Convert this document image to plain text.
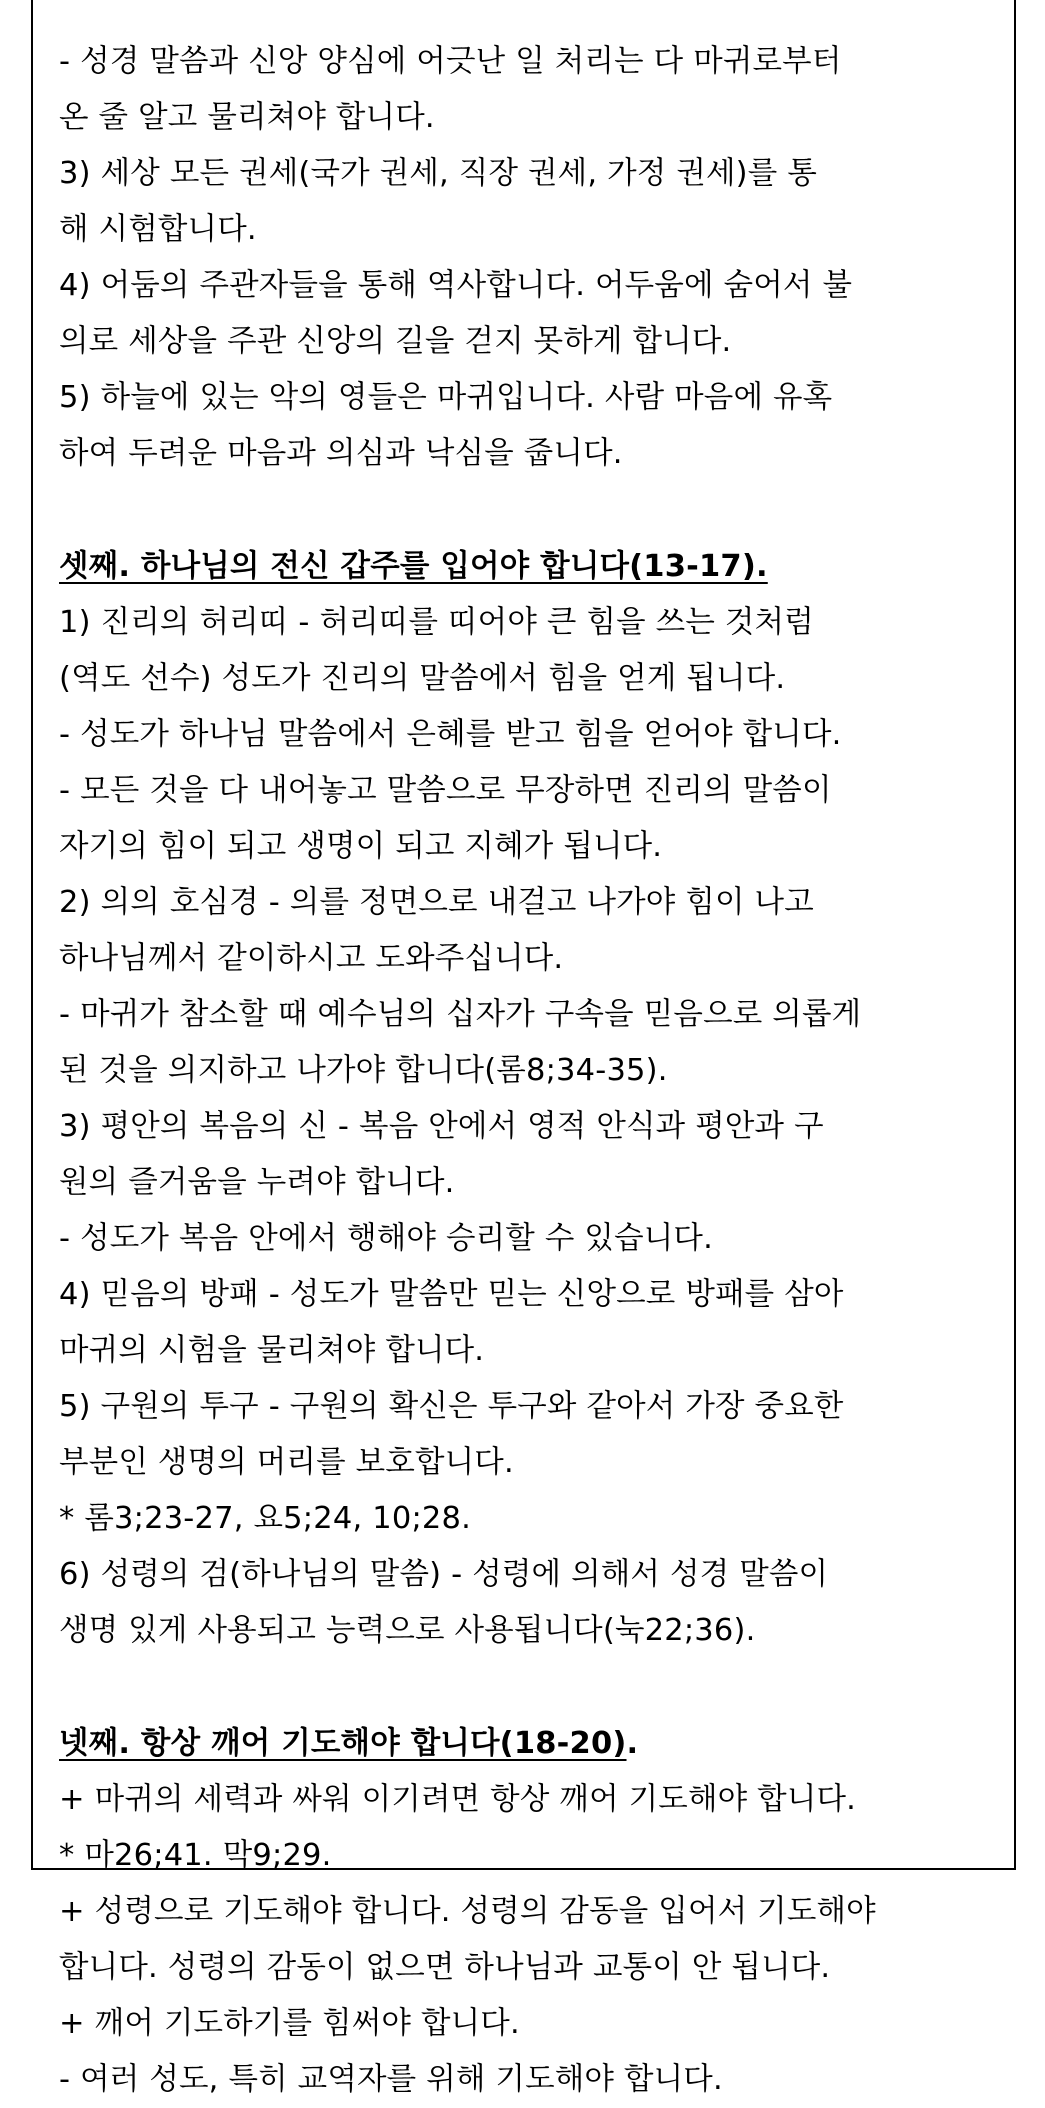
- 성경 말씀과 신앙 양심에 어긋난 일 처리는 다 마귀로부터
온 줄 알고 물리쳐야 합니다.
3) 세상 모든 권세(국가 권세, 직장 권세, 가정 권세)를 통
해 시험합니다.
4) 어둠의 주관자들을 통해 역사합니다. 어두움에 숨어서 불
의로 세상을 주관 신앙의 길을 걷지 못하게 합니다.
5) 하늘에 있는 악의 영들은 마귀입니다. 사람 마음에 유혹
하여 두려운 마음과 의심과 낙심을 줍니다.
셋째. 하나님의 전신 갑주를 입어야 합니다(13-17).
1) 진리의 허리띠 - 허리띠를 띠어야 큰 힘을 쓰는 것처럼
(역도 선수) 성도가 진리의 말씀에서 힘을 얻게 됩니다.
- 성도가 하나님 말씀에서 은혜를 받고 힘을 얻어야 합니다.
- 모든 것을 다 내어놓고 말씀으로 무장하면 진리의 말씀이
자기의 힘이 되고 생명이 되고 지혜가 됩니다.
2) 의의 호심경 - 의를 정면으로 내걸고 나가야 힘이 나고
하나님께서 같이하시고 도와주십니다.
- 마귀가 참소할 때 예수님의 십자가 구속을 믿음으로 의롭게
된 것을 의지하고 나가야 합니다(롬8;34-35).
3) 평안의 복음의 신 - 복음 안에서 영적 안식과 평안과 구
원의 즐거움을 누려야 합니다.
- 성도가 복음 안에서 행해야 승리할 수 있습니다.
4) 믿음의 방패 - 성도가 말씀만 믿는 신앙으로 방패를 삼아
마귀의 시험을 물리쳐야 합니다.
5) 구원의 투구 - 구원의 확신은 투구와 같아서 가장 중요한
부분인 생명의 머리를 보호합니다.
* 롬3;23-27, 요5;24, 10;28.
6) 성령의 검(하나님의 말씀) - 성령에 의해서 성경 말씀이
생명 있게 사용되고 능력으로 사용됩니다(눅22;36).
넷째. 항상 깨어 기도해야 합니다(18-20).
+ 마귀의 세력과 싸워 이기려면 항상 깨어 기도해야 합니다.
* 마26;41. 막9;29.
+ 성령으로 기도해야 합니다. 성령의 감동을 입어서 기도해야
합니다. 성령의 감동이 없으면 하나님과 교통이 안 됩니다.
+ 깨어 기도하기를 힘써야 합니다.
- 여러 성도, 특히 교역자를 위해 기도해야 합니다.
